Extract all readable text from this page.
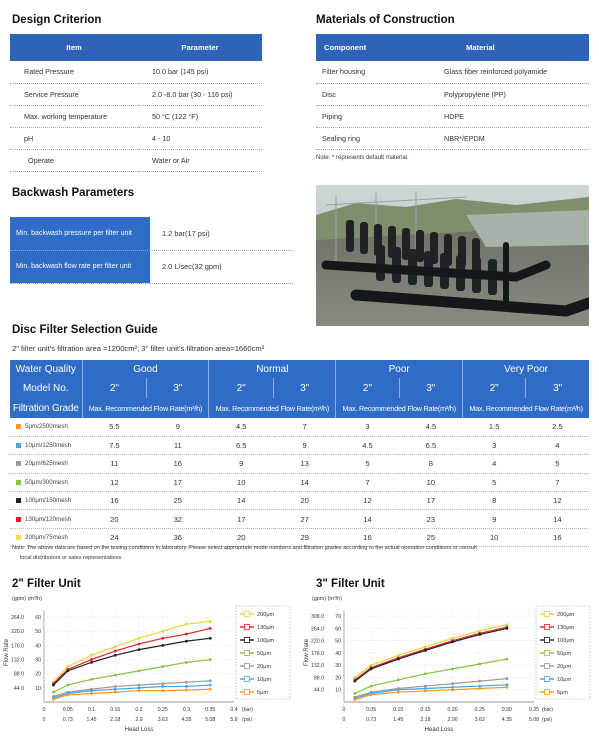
Design Criterion
Item	Parameter
Rated Pressure	10.0 bar (145 psi)
Service Pressure	2.0 -8.0 bar (30 - 116 psi)
Max. working temperature	50 °C (122 °F)
pH	4 - 10
Operate	Water or Air
Materials of Construction
Component	Material
Filter housing	Glass fiber reinforced polyamide
Disc	Polypropylene (PP)
Piping	HDPE
Sealing ring	NBR*/EPDM
Note: * represents default material.
Backwash Parameters
Min. backwash pressure per filter unit	1.2 bar(17 psi)
Min. backwash flow rate per filter unit	2.0 L/sec(32 gpm)
Disc Filter Selection Guide
2" filter unit's filtration area =1200cm²; 3" filter unit's filtration area=1660cm²
Water Quality	Good		Normal		Poor		Very Poor	
Model No.	2"	3"	2"	3"	2"	3"	2"	3"
Filtration Grade	Max. Recommended Flow Rate(m³/h)		Max. Recommended Flow Rate(m³/h)		Max. Recommended Flow Rate(m³/h)		Max. Recommended Flow Rate(m³/h)	
5μm/2500mesh	5.5	9	4.5	7	3	4.5	1.5	2.5
10μm/1250mesh	7.5	11	6.5	9	4.5	6.5	3	4
20μm/625mesh	11	16	9	13	5	8	4	5
50μm/300mesh	12	17	10	14	7	10	5	7
100μm/150mesh	16	25	14	20	12	17	8	12
130μm/120mesh	20	32	17	27	14	23	9	14
200μm/75mesh	24	36	20	29	16	25	10	16
Note: The above data are based on the testing conditions in laboratory. Please select appropriate mode numbers and filtration grades according to the actual operation conditions or consult
local distributors or sales representatives.
2" Filter Unit	3" Filter Unit
(gpm) (m³/h)
Flow Rate
60
264.0
50
220.0
40
176.0
30
132.0
20
88.0
10
44.0
0
0
0.05
0.73
0.1
1.45
0.15
2.18
0.2
2.9
0.25
3.63
0.3
4.35
0.35
5.08
0.4
5.8
(bar)
(psi)
Head Loss
200μm
130μm
100μm
50μm
20μm
10μm
5μm
(gpm) (m³/h)
Flow Rate
70
308.0
60
264.0
50
220.0
40
176.0
30
132.0
20
88.0
10
44.0
0
0
0.05
0.73
0.10
1.45
0.15
2.18
0.20
2.90
0.25
3.63
0.30
4.35
0.35
5.08
(bar)
(psi)
Head Loss
200μm
130μm
100μm
50μm
20μm
10μm
5μm
